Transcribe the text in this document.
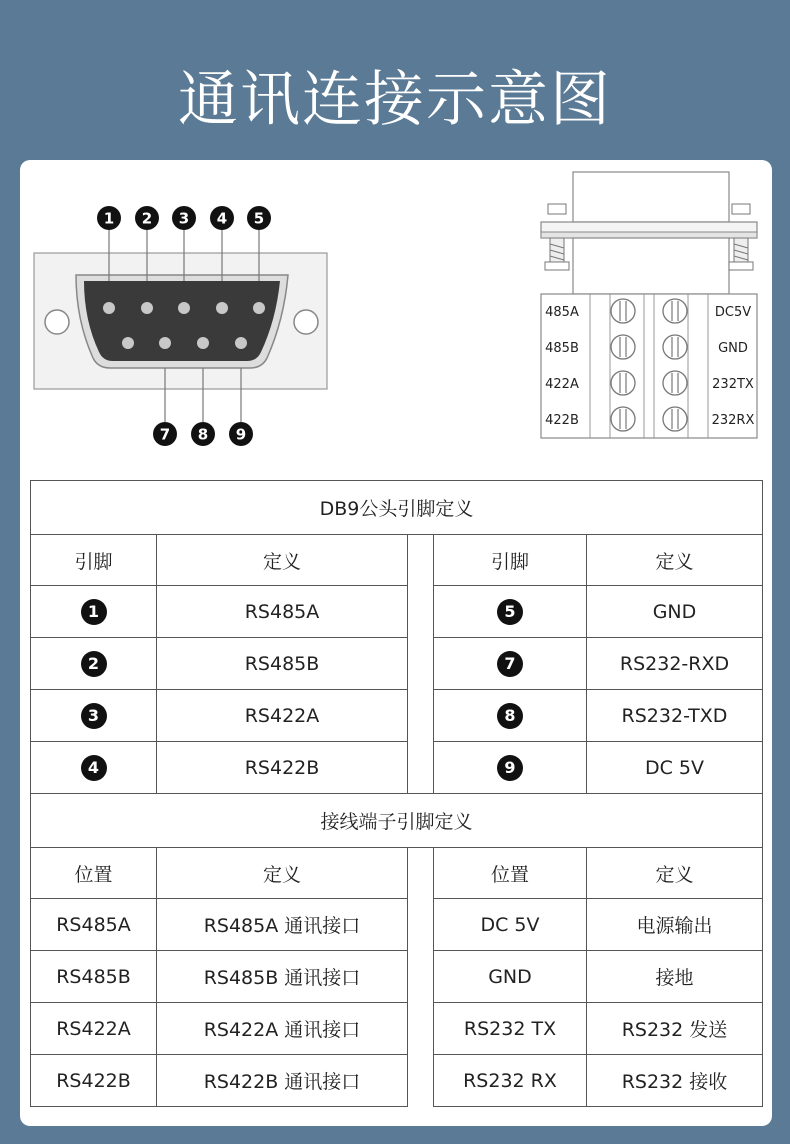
通讯连接示意图
1 2 3 4 5
7 8 9
485A
485B
422A
422B
DC5V
GND
232TX
232RX
DB9公头引脚定义				
引脚	定义		引脚	定义
1	RS485A		5	GND
2	RS485B		7	RS232-RXD
3	RS422A		8	RS232-TXD
4	RS422B		9	DC 5V
接线端子引脚定义				
位置	定义		位置	定义
RS485A	RS485A 通讯接口		DC 5V	电源输出
RS485B	RS485B 通讯接口		GND	接地
RS422A	RS422A 通讯接口		RS232 TX	RS232 发送
RS422B	RS422B 通讯接口		RS232 RX	RS232 接收
